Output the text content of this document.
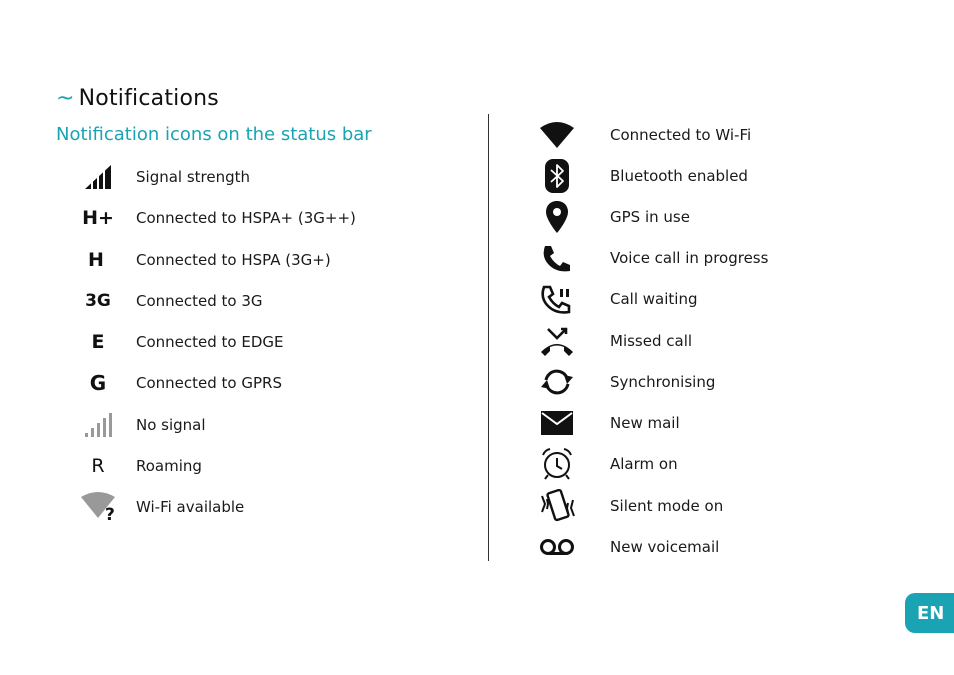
~ Notifications
Notification icons on the status bar
Signal strength
H+ Connected to HSPA+ (3G++)
H Connected to HSPA (3G+)
3G Connected to 3G
E Connected to EDGE
G Connected to GPRS
No signal
R Roaming
? Wi-Fi available
Connected to Wi-Fi
Bluetooth enabled
GPS in use
Voice call in progress
Call waiting
Missed call
Synchronising
New mail
Alarm on
Silent mode on
New voicemail
EN
